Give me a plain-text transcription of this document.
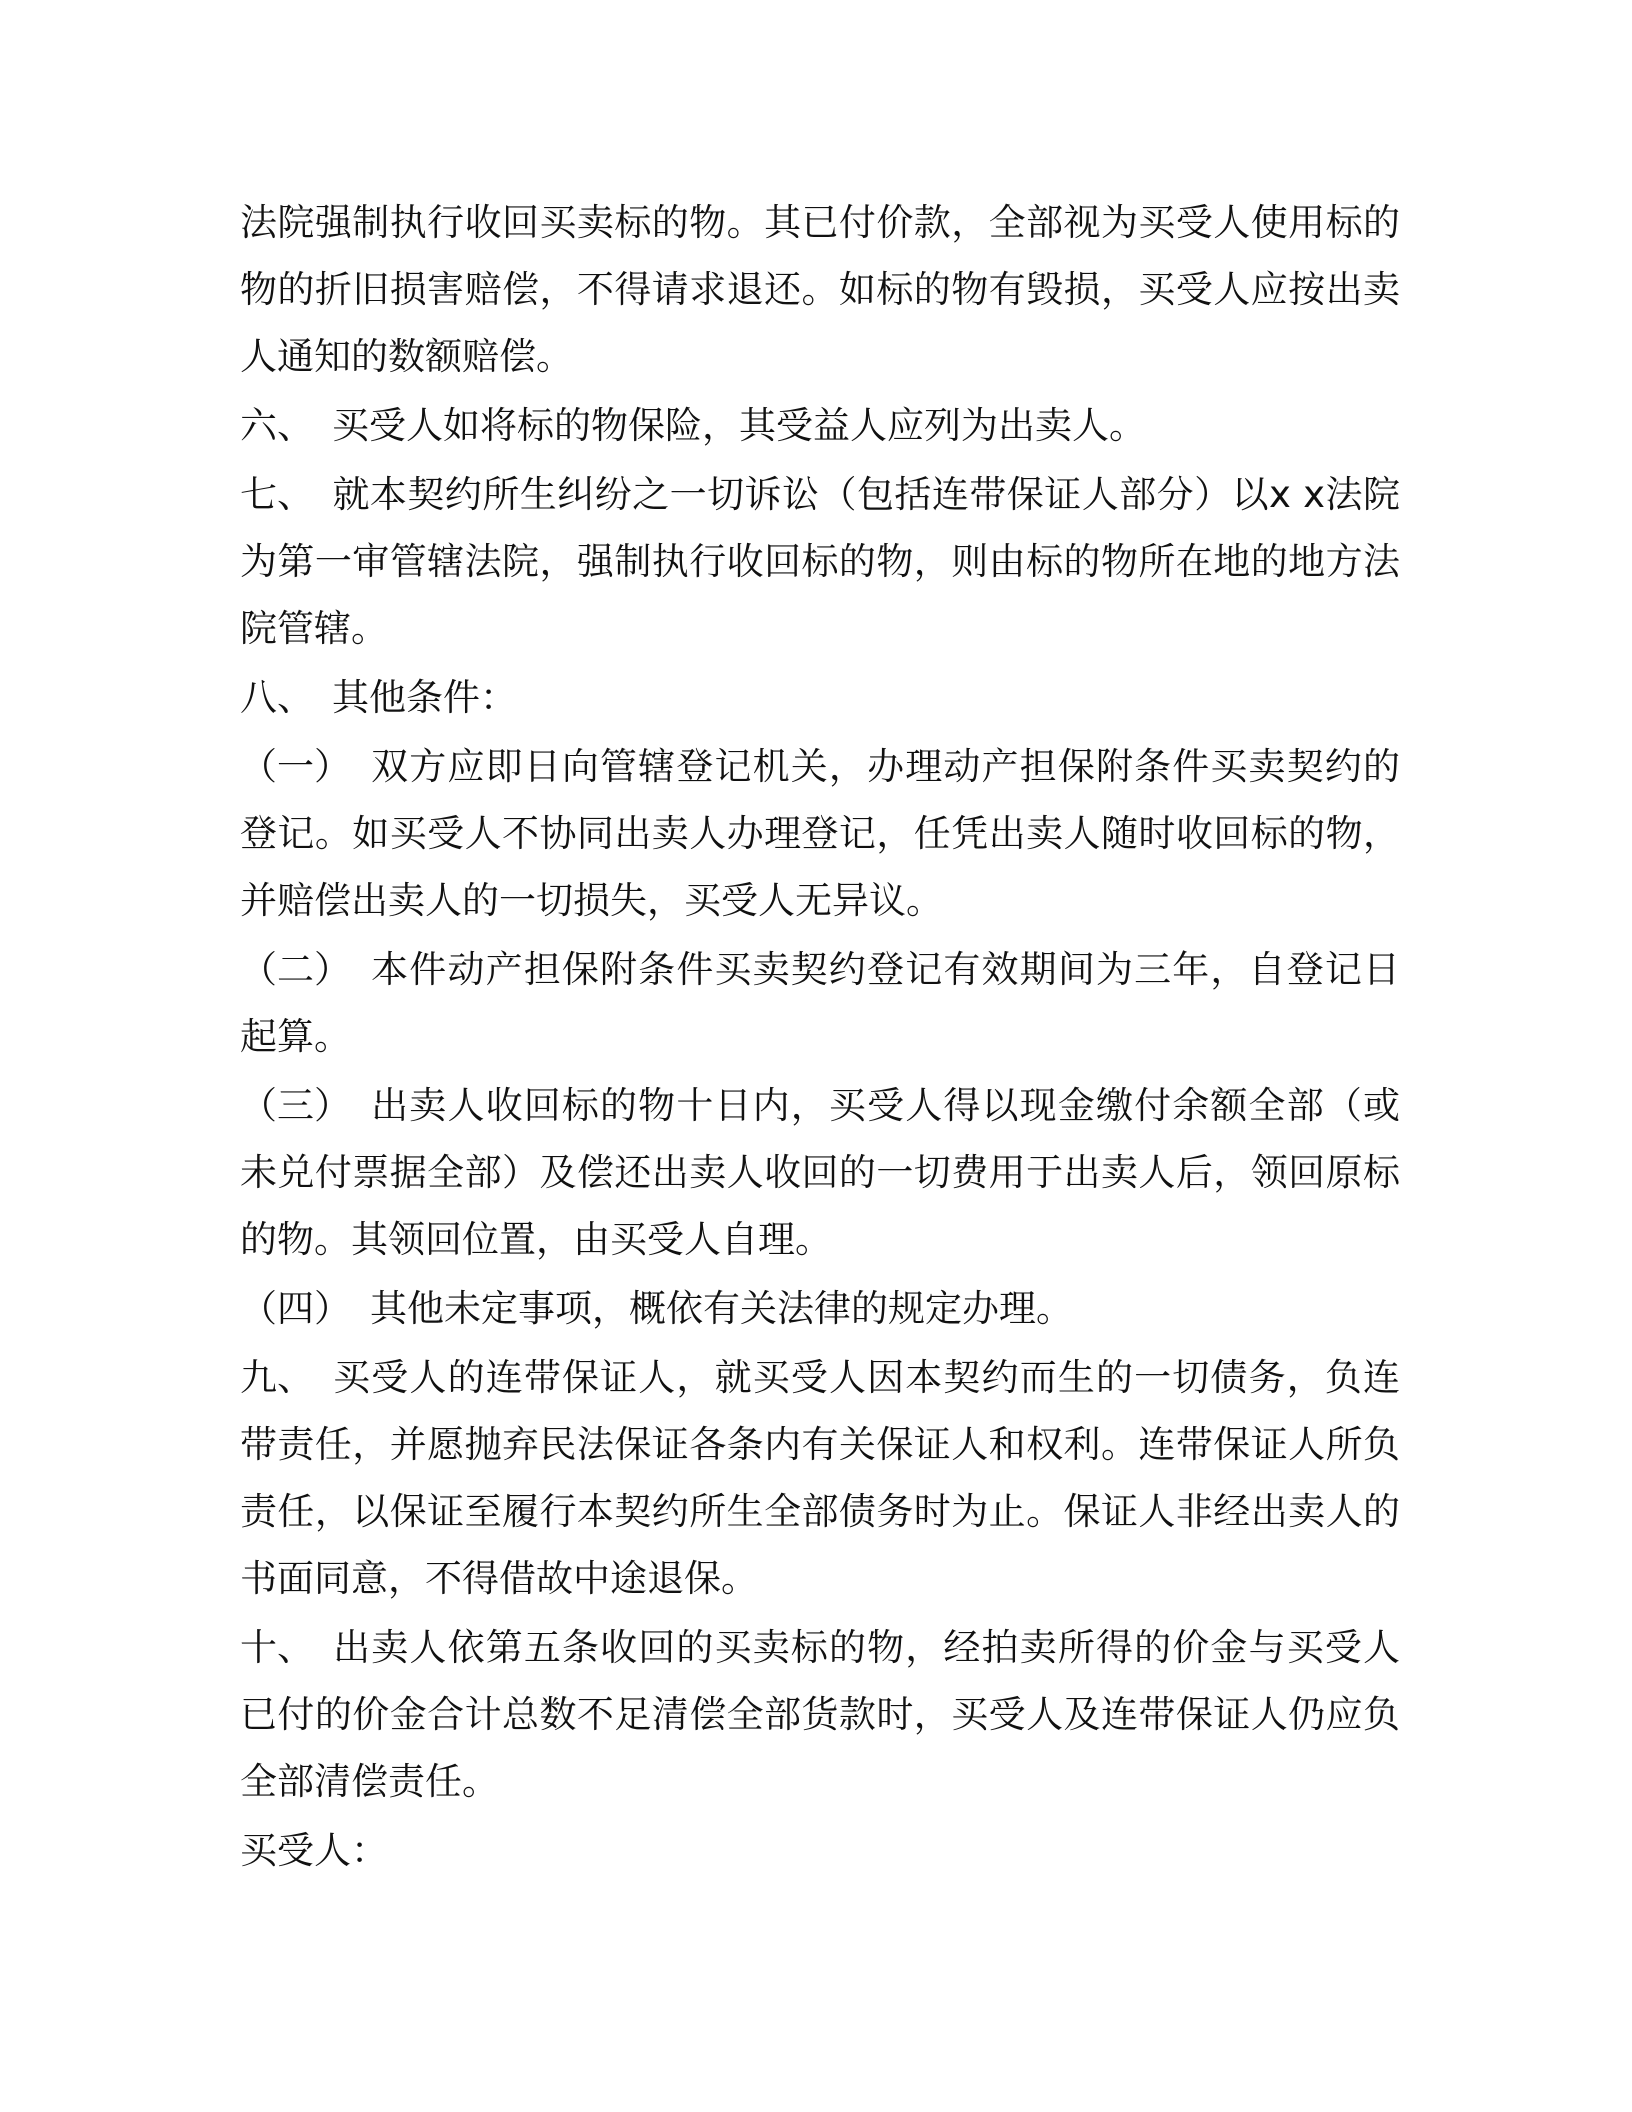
法院强制执行收回买卖标的物。其已付价款，全部视为买受人使用标的物的折旧损害赔偿，不得请求退还。如标的物有毁损，买受人应按出卖人通知的数额赔偿。

六、 买受人如将标的物保险，其受益人应列为出卖人。

七、 就本契约所生纠纷之一切诉讼（包括连带保证人部分）以x x法院为第一审管辖法院，强制执行收回标的物，则由标的物所在地的地方法院管辖。

八、 其他条件：

（一） 双方应即日向管辖登记机关，办理动产担保附条件买卖契约的登记。如买受人不协同出卖人办理登记，任凭出卖人随时收回标的物，并赔偿出卖人的一切损失，买受人无异议。

（二） 本件动产担保附条件买卖契约登记有效期间为三年，自登记日起算。

（三） 出卖人收回标的物十日内，买受人得以现金缴付余额全部（或未兑付票据全部）及偿还出卖人收回的一切费用于出卖人后，领回原标的物。其领回位置，由买受人自理。

（四） 其他未定事项，概依有关法律的规定办理。

九、 买受人的连带保证人，就买受人因本契约而生的一切债务，负连带责任，并愿抛弃民法保证各条内有关保证人和权利。连带保证人所负责任，以保证至履行本契约所生全部债务时为止。保证人非经出卖人的书面同意，不得借故中途退保。

十、 出卖人依第五条收回的买卖标的物，经拍卖所得的价金与买受人已付的价金合计总数不足清偿全部货款时，买受人及连带保证人仍应负全部清偿责任。

买受人：
